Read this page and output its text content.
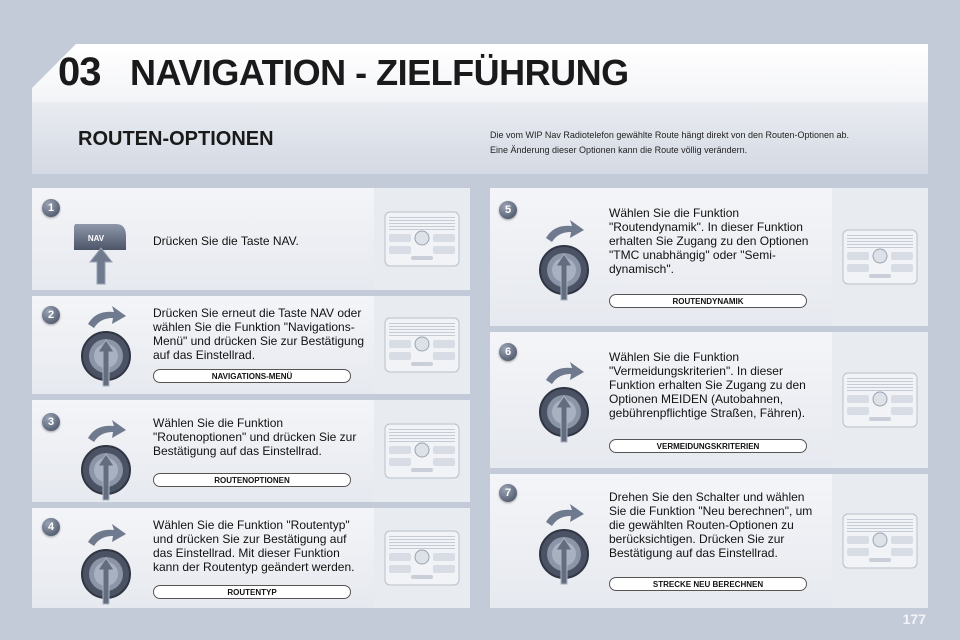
03 NAVIGATION - ZIELFÜHRUNG
ROUTEN-OPTIONEN	Die vom WIP Nav Radiotelefon gewählte Route hängt direkt von den Routen-Optionen ab.

Eine Änderung dieser Optionen kann die Route völlig verändern.

1
2
3
4
5
6
7
NAV	Drücken Sie die Taste NAV.
Drücken Sie erneut die Taste NAV oder wählen Sie die Funktion "Navigations-Menü" und drücken Sie zur Bestätigung auf das Einstellrad.
Wählen Sie die Funktion "Routenoptionen" und drücken Sie zur Bestätigung auf das Einstellrad.
Wählen Sie die Funktion "Routentyp" und drücken Sie zur Bestätigung auf das Einstellrad. Mit dieser Funktion kann der Routentyp geändert werden.
Wählen Sie die Funktion "Routendynamik". In dieser Funktion erhalten Sie Zugang zu den Optionen "TMC unabhängig" oder "Semi-dynamisch".
Wählen Sie die Funktion "Vermeidungskriterien". In dieser Funktion erhalten Sie Zugang zu den Optionen MEIDEN (Autobahnen, gebührenpflichtige Straßen, Fähren).
Drehen Sie den Schalter und wählen Sie die Funktion "Neu berechnen", um die gewählten Routen-Optionen zu berücksichtigen. Drücken Sie zur Bestätigung auf das Einstellrad.
NAVIGATIONS-MENÜ
ROUTENOPTIONEN
ROUTENTYP
ROUTENDYNAMIK
VERMEIDUNGSKRITERIEN
STRECKE NEU BERECHNEN
177
